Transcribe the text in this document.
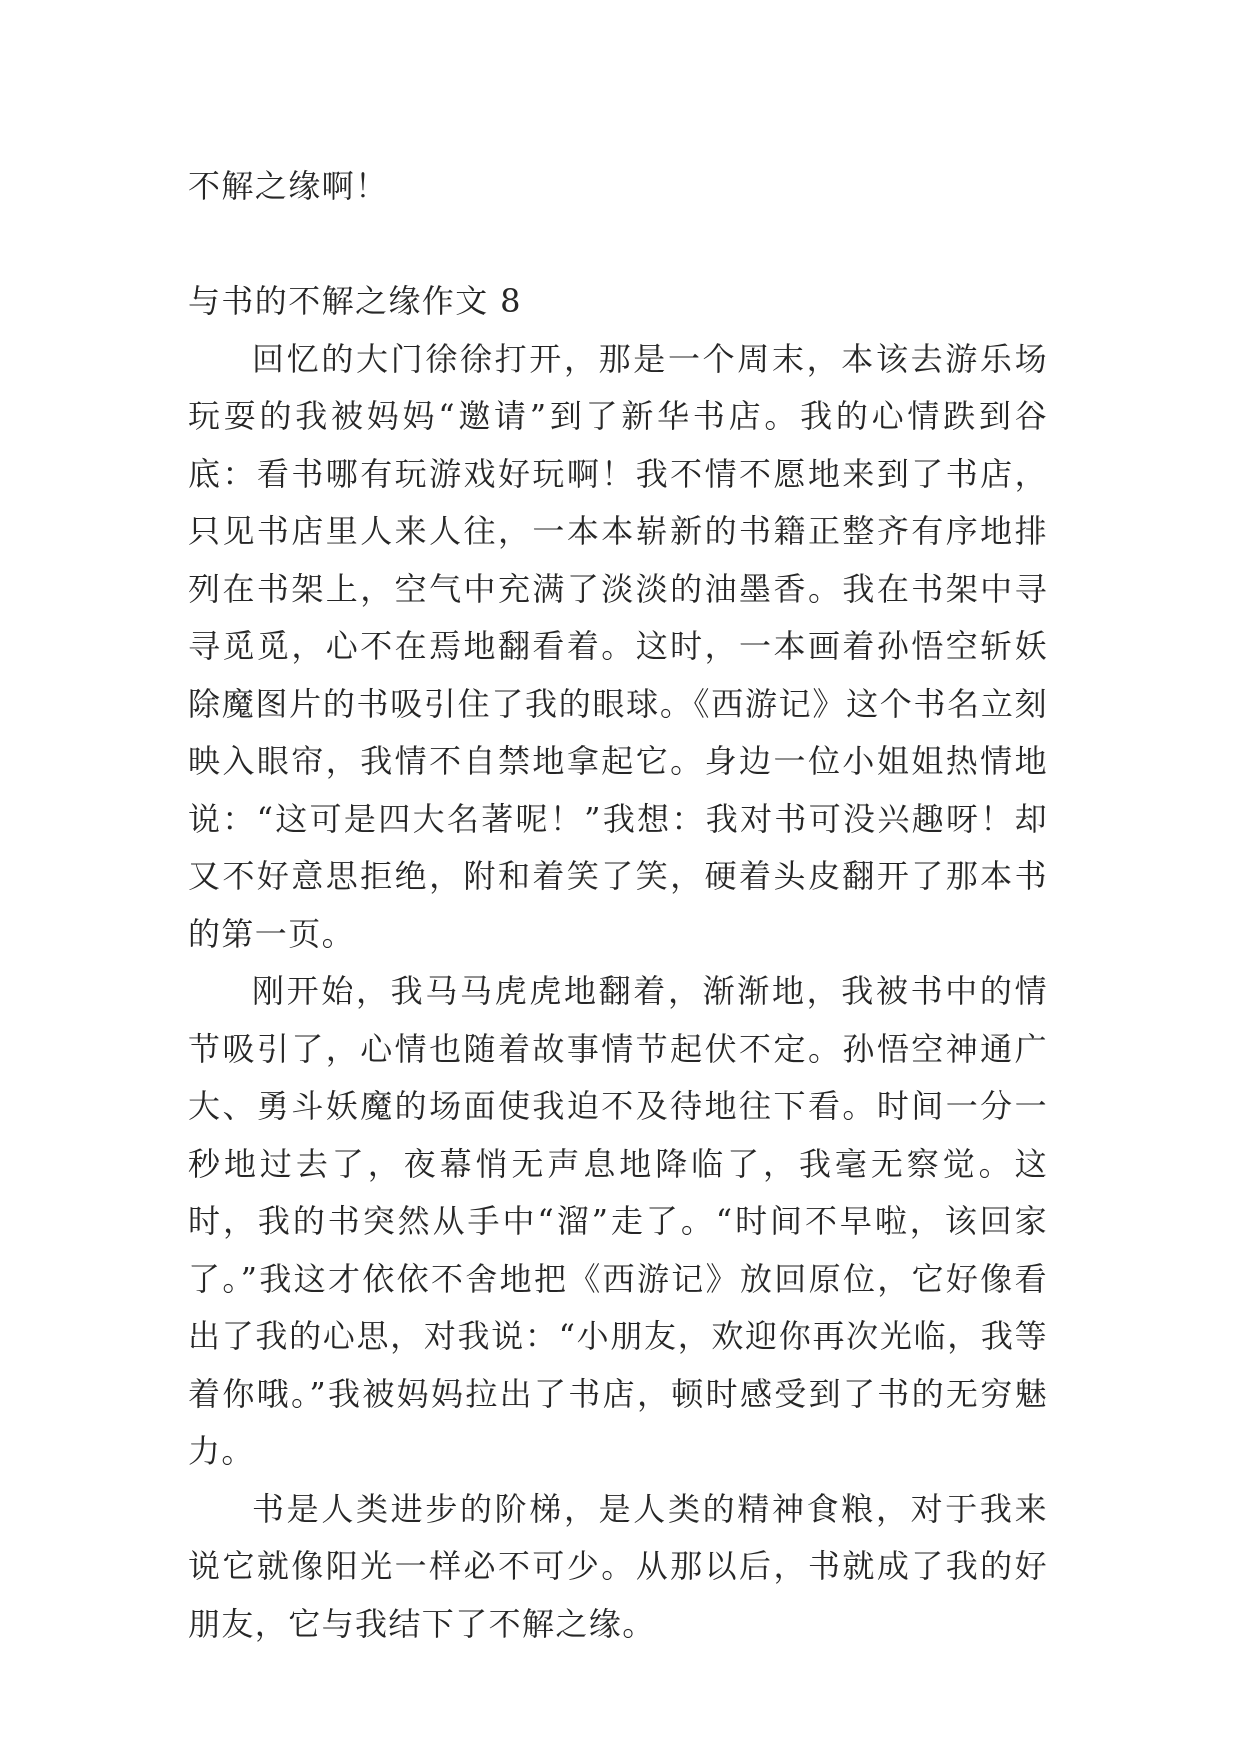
不解之缘啊！

与书的不解之缘作文 8

回忆的大门徐徐打开，那是一个周末，本该去游乐场玩耍的我被妈妈“邀请”到了新华书店。我的心情跌到谷底：看书哪有玩游戏好玩啊！我不情不愿地来到了书店，只见书店里人来人往，一本本崭新的书籍正整齐有序地排列在书架上，空气中充满了淡淡的油墨香。我在书架中寻寻觅觅，心不在焉地翻看着。这时，一本画着孙悟空斩妖除魔图片的书吸引住了我的眼球。《西游记》这个书名立刻映入眼帘，我情不自禁地拿起它。身边一位小姐姐热情地说：“这可是四大名著呢！”我想：我对书可没兴趣呀！却又不好意思拒绝，附和着笑了笑，硬着头皮翻开了那本书的第一页。

刚开始，我马马虎虎地翻着，渐渐地，我被书中的情节吸引了，心情也随着故事情节起伏不定。孙悟空神通广大、勇斗妖魔的场面使我迫不及待地往下看。时间一分一秒地过去了，夜幕悄无声息地降临了，我毫无察觉。这时，我的书突然从手中“溜”走了。“时间不早啦，该回家了。”我这才依依不舍地把《西游记》放回原位，它好像看出了我的心思，对我说：“小朋友，欢迎你再次光临，我等着你哦。”我被妈妈拉出了书店，顿时感受到了书的无穷魅力。

书是人类进步的阶梯，是人类的精神食粮，对于我来说它就像阳光一样必不可少。从那以后，书就成了我的好朋友，它与我结下了不解之缘。
